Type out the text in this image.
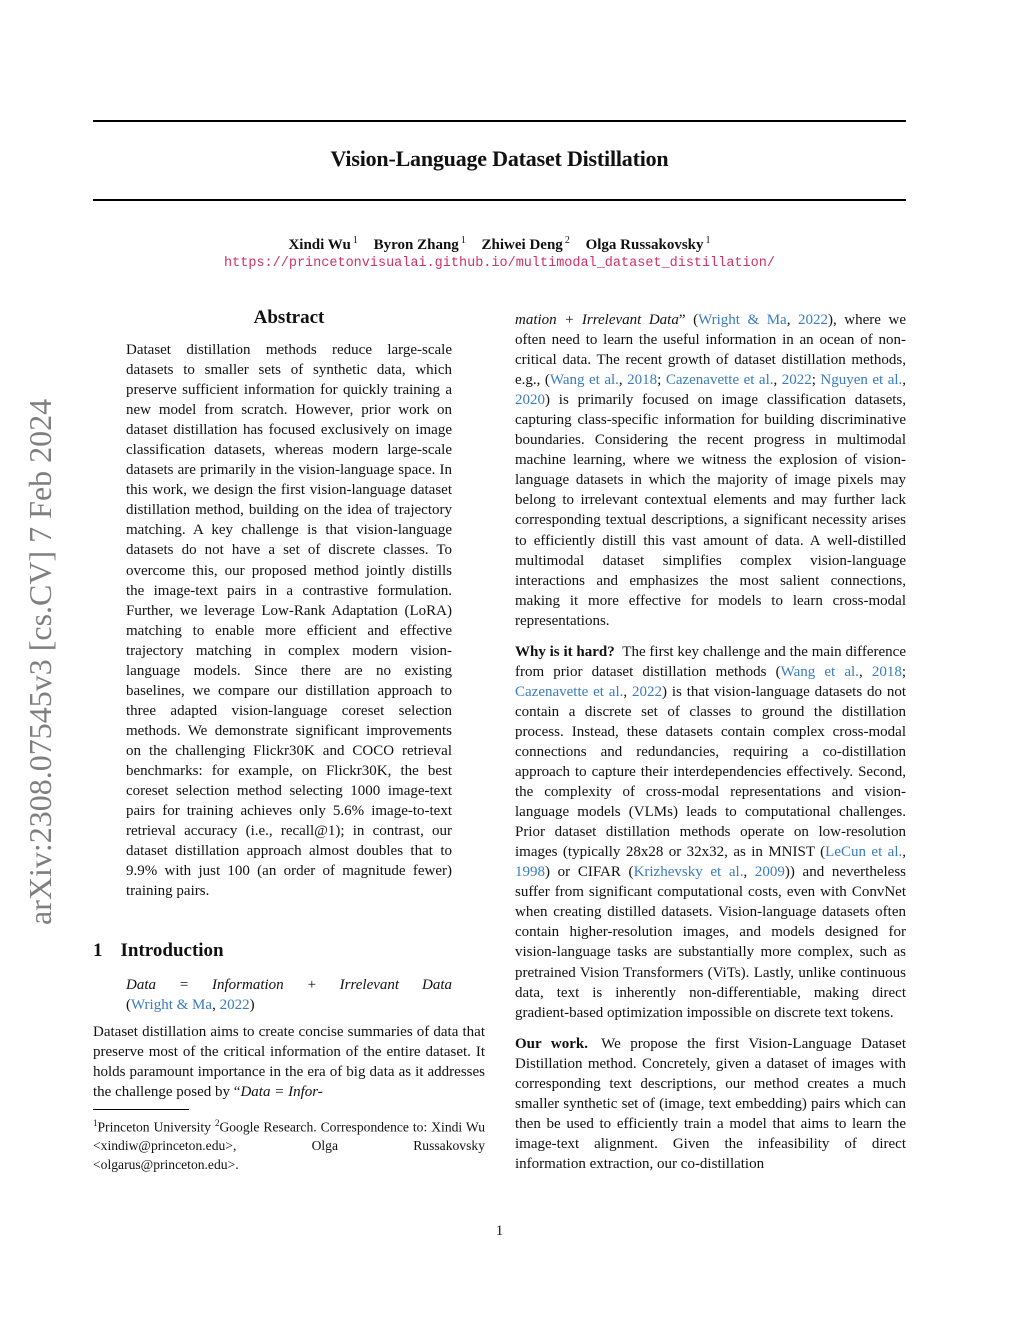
arXiv:2308.07545v3 [cs.CV] 7 Feb 2024
Vision-Language Dataset Distillation
Xindi Wu $^1$ Byron Zhang $^1$ Zhiwei Deng $^2$ Olga Russakovsky $^1$
https://princetonvisualai.github.io/multimodal_dataset_distillation/
Abstract
Dataset distillation methods reduce large-scale datasets to smaller sets of synthetic data, which preserve sufficient information for quickly training a new model from scratch. However, prior work on dataset distillation has focused exclusively on image classification datasets, whereas modern large-scale datasets are primarily in the vision-language space. In this work, we design the first vision-language dataset distillation method, building on the idea of trajectory matching. A key challenge is that vision-language datasets do not have a set of discrete classes. To overcome this, our proposed method jointly distills the image-text pairs in a contrastive formulation. Further, we leverage Low-Rank Adaptation (LoRA) matching to enable more efficient and effective trajectory matching in complex modern vision-language models. Since there are no existing baselines, we compare our distillation approach to three adapted vision-language coreset selection methods. We demonstrate significant improvements on the challenging Flickr30K and COCO retrieval benchmarks: for example, on Flickr30K, the best coreset selection method selecting 1000 image-text pairs for training achieves only 5.6% image-to-text retrieval accuracy (i.e., recall@1); in contrast, our dataset distillation approach almost doubles that to 9.9% with just 100 (an order of magnitude fewer) training pairs.
1 Introduction
Data = Information + Irrelevant Data
(Wright & Ma, 2022)
Dataset distillation aims to create concise summaries of data that preserve most of the critical information of the entire dataset. It holds paramount importance in the era of big data as it addresses the challenge posed by “Data = Infor-
$^1$Princeton University $^2$Google Research. Correspondence to: Xindi Wu <xindiw@princeton.edu>, Olga Russakovsky <olgarus@princeton.edu>.

mation + Irrelevant Data” (Wright & Ma, 2022), where we often need to learn the useful information in an ocean of non-critical data. The recent growth of dataset distillation methods, e.g., (Wang et al., 2018; Cazenavette et al., 2022; Nguyen et al., 2020) is primarily focused on image classification datasets, capturing class-specific information for building discriminative boundaries. Considering the recent progress in multimodal machine learning, where we witness the explosion of vision-language datasets in which the majority of image pixels may belong to irrelevant contextual elements and may further lack corresponding textual descriptions, a significant necessity arises to efficiently distill this vast amount of data. A well-distilled multimodal dataset simplifies complex vision-language interactions and emphasizes the most salient connections, making it more effective for models to learn cross-modal representations.

Why is it hard? The first key challenge and the main difference from prior dataset distillation methods (Wang et al., 2018; Cazenavette et al., 2022) is that vision-language datasets do not contain a discrete set of classes to ground the distillation process. Instead, these datasets contain complex cross-modal connections and redundancies, requiring a co-distillation approach to capture their interdependencies effectively. Second, the complexity of cross-modal representations and vision-language models (VLMs) leads to computational challenges. Prior dataset distillation methods operate on low-resolution images (typically 28x28 or 32x32, as in MNIST (LeCun et al., 1998) or CIFAR (Krizhevsky et al., 2009)) and nevertheless suffer from significant computational costs, even with ConvNet when creating distilled datasets. Vision-language datasets often contain higher-resolution images, and models designed for vision-language tasks are substantially more complex, such as pretrained Vision Transformers (ViTs). Lastly, unlike continuous data, text is inherently non-differentiable, making direct gradient-based optimization impossible on discrete text tokens.

Our work. We propose the first Vision-Language Dataset Distillation method. Concretely, given a dataset of images with corresponding text descriptions, our method creates a much smaller synthetic set of (image, text embedding) pairs which can then be used to efficiently train a model that aims to learn the image-text alignment. Given the infeasibility of direct information extraction, our co-distillation

1
